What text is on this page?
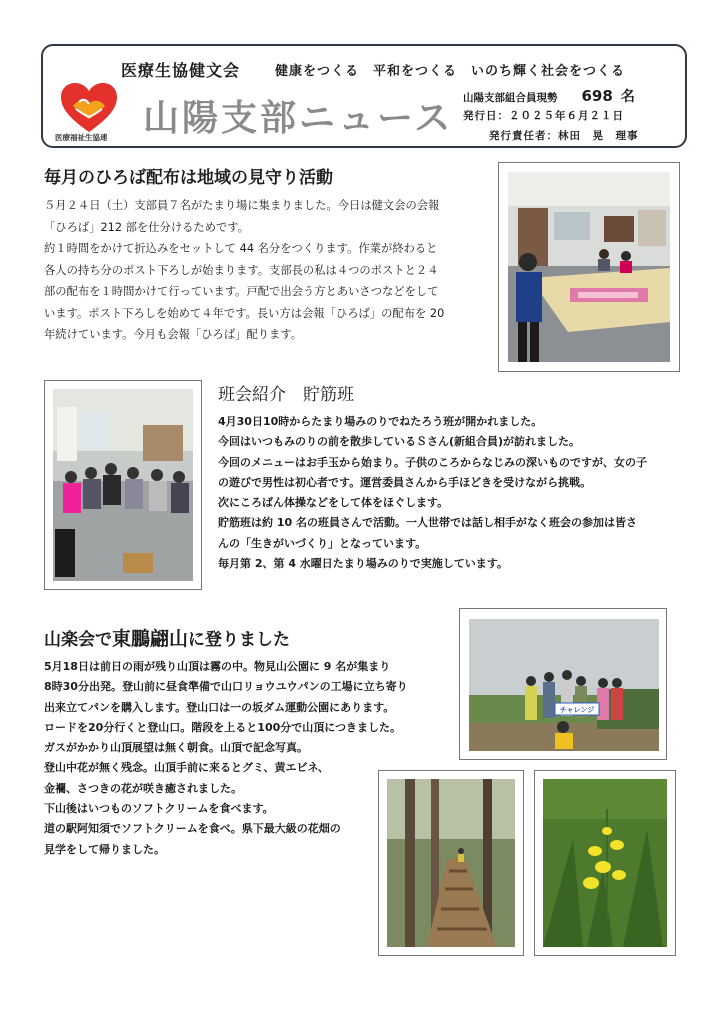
医療福祉生協連
医療生協健文会	健康をつくる　平和をつくる　いのち輝く社会をつくる
山陽支部ニュース 山陽支部組合員現勢 698 名
発行日：２０２５年６月２１日
発行責任者：林田　晃　理事
毎月のひろば配布は地域の見守り活動

５月２４日（土）支部員７名がたまり場に集まりました。今日は健文会の会報

「ひろば」212 部を仕分けるためです。

約１時間をかけて折込みをセットして 44 名分をつくります。作業が終わると

各人の持ち分のポスト下ろしが始まります。支部長の私は４つのポストと２４

部の配布を１時間かけて行っています。戸配で出会う方とあいさつなどをして

います。ポスト下ろしを始めて４年です。長い方は会報「ひろば」の配布を 20

年続けています。今月も会報「ひろば」配ります。

班会紹介　貯筋班

4月30日10時からたまり場みのりでねたろう班が開かれました。

今回はいつもみのりの前を散歩しているＳさん(新組合員)が訪れました。

今回のメニューはお手玉から始まり。子供のころからなじみの深いものですが、女の子

の遊びで男性は初心者です。運営委員さんから手ほどきを受けながら挑戦。

次にころばん体操などをして体をほぐします。

貯筋班は約 10 名の班員さんで活動。一人世帯では話し相手がなく班会の参加は皆さ

んの「生きがいづくり」となっています。

毎月第 2、第 4 水曜日たまり場みのりで実施しています。

山楽会で東鵬翩山に登りました

5月18日は前日の雨が残り山頂は霧の中。物見山公園に 9 名が集まり

8時30分出発。登山前に昼食準備で山口リョウユウパンの工場に立ち寄り

出来立てパンを購入します。登山口は一の坂ダム運動公園にあります。

ロードを20分行くと登山口。階段を上ると100分で山頂につきました。

ガスがかかり山頂展望は無く朝食。山頂で記念写真。

登山中花が無く残念。山頂手前に来るとグミ、黄エビネ、

金襴、さつきの花が咲き癒されました。

下山後はいつものソフトクリームを食べます。

道の駅阿知須でソフトクリームを食べ。県下最大級の花畑の

見学をして帰りました。

チャレンジ
